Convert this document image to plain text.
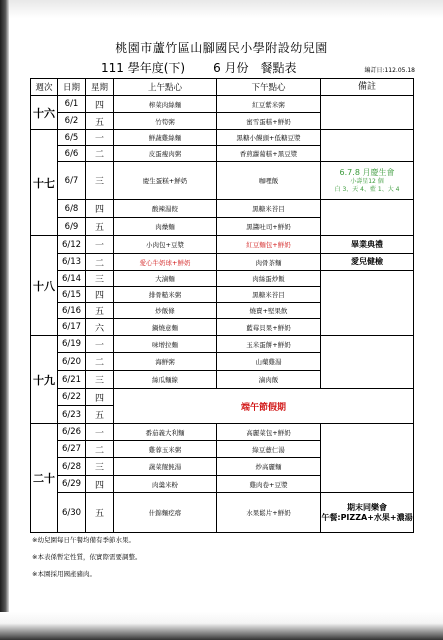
桃園市蘆竹區山腳國民小學附設幼兒園
111 學年度(下) 6 月份 餐點表	編訂日:112.05.18
週次	日期	星期	上午點心	下午點心	備註
十六	6/1	四	榨菜肉絲麵	紅豆紫米粥	
	6/2	五	竹筍粥	蜜雪蛋糕+鮮奶	
十七	6/5	一	鮮蔬雞絲麵	黑糖小饅頭+低糖豆漿	
	6/6	二	皮蛋瘦肉粥	香煎蘿蔔糕+黑豆漿	
	6/7	三	慶生蛋糕+鮮奶	咖哩飯	6.7.8 月慶生會
小壽星12 個
白 3、天 4、藍 1、大 4

	6/8	四	酸辣湯餃	黑糖米苔目	
	6/9	五	肉燥麵	黑醬吐司+鮮奶	
十八	6/12	一	小肉包+豆漿	紅豆麵包+鮮奶	畢業典禮
	6/13	二	愛心牛奶球+鮮奶	肉骨茶麵	愛兒健檢
	6/14	三	大滷麵	肉絲蛋炒飯	
	6/15	四	排骨糙米粥	黑糖米苔目	
	6/16	五	炒飯條	燒賣+堅果飲	
	6/17	六	鍋燒意麵	藍莓貝果+鮮奶	
十九	6/19	一	味增拉麵	玉米蛋餅+鮮奶	
	6/20	二	海鮮粥	山藥雞湯	
	6/21	三	絲瓜麵線	滷肉飯	
	6/22	四	端午節假期		
	6/23	五			
二十	6/26	一	番茄義大利麵	高麗菜包+鮮奶	
	6/27	二	雞蓉玉米粥	綠豆薏仁湯	
	6/28	三	蔬菜餛飩湯	炒高麗麵	
	6/29	四	肉羹米粉	雞肉卷+豆漿	
	6/30	五	什錦麵疙瘩	水果鬆片+鮮奶	期末同樂會
午餐:PIZZA+水果+濃湯
※幼兒園每日午餐均備有季節水果。
※本表係暫定性質，依實際需要調整。
※本園採用國產豬肉。
